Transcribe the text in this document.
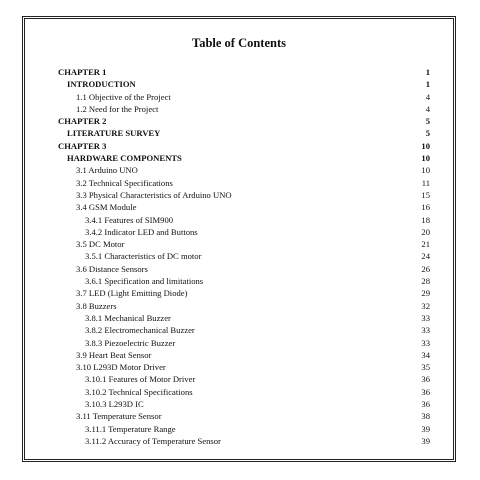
Table of Contents
CHAPTER 1	1
INTRODUCTION	1
1.1 Objective of the Project	4
1.2 Need for the Project	4
CHAPTER 2	5
LITERATURE SURVEY	5
CHAPTER 3	10
HARDWARE COMPONENTS	10
3.1 Arduino UNO	10
3.2 Technical Specifications	11
3.3 Physical Characteristics of Arduino UNO	15
3.4 GSM Module	16
3.4.1 Features of SIM900	18
3.4.2 Indicator LED and Buttons	20
3.5 DC Motor	21
3.5.1 Characteristics of DC motor	24
3.6 Distance Sensors	26
3.6.1 Specification and limitations	28
3.7 LED (Light Emitting Diode)	29
3.8 Buzzers	32
3.8.1 Mechanical Buzzer	33
3.8.2 Electromechanical Buzzer	33
3.8.3 Piezoelectric Buzzer	33
3.9 Heart Beat Sensor	34
3.10 L293D Motor Driver	35
3.10.1 Features of Motor Driver	36
3.10.2 Technical Specifications	36
3.10.3 L293D IC	36
3.11 Temperature Sensor	38
3.11.1 Temperature Range	39
3.11.2 Accuracy of Temperature Sensor	39
